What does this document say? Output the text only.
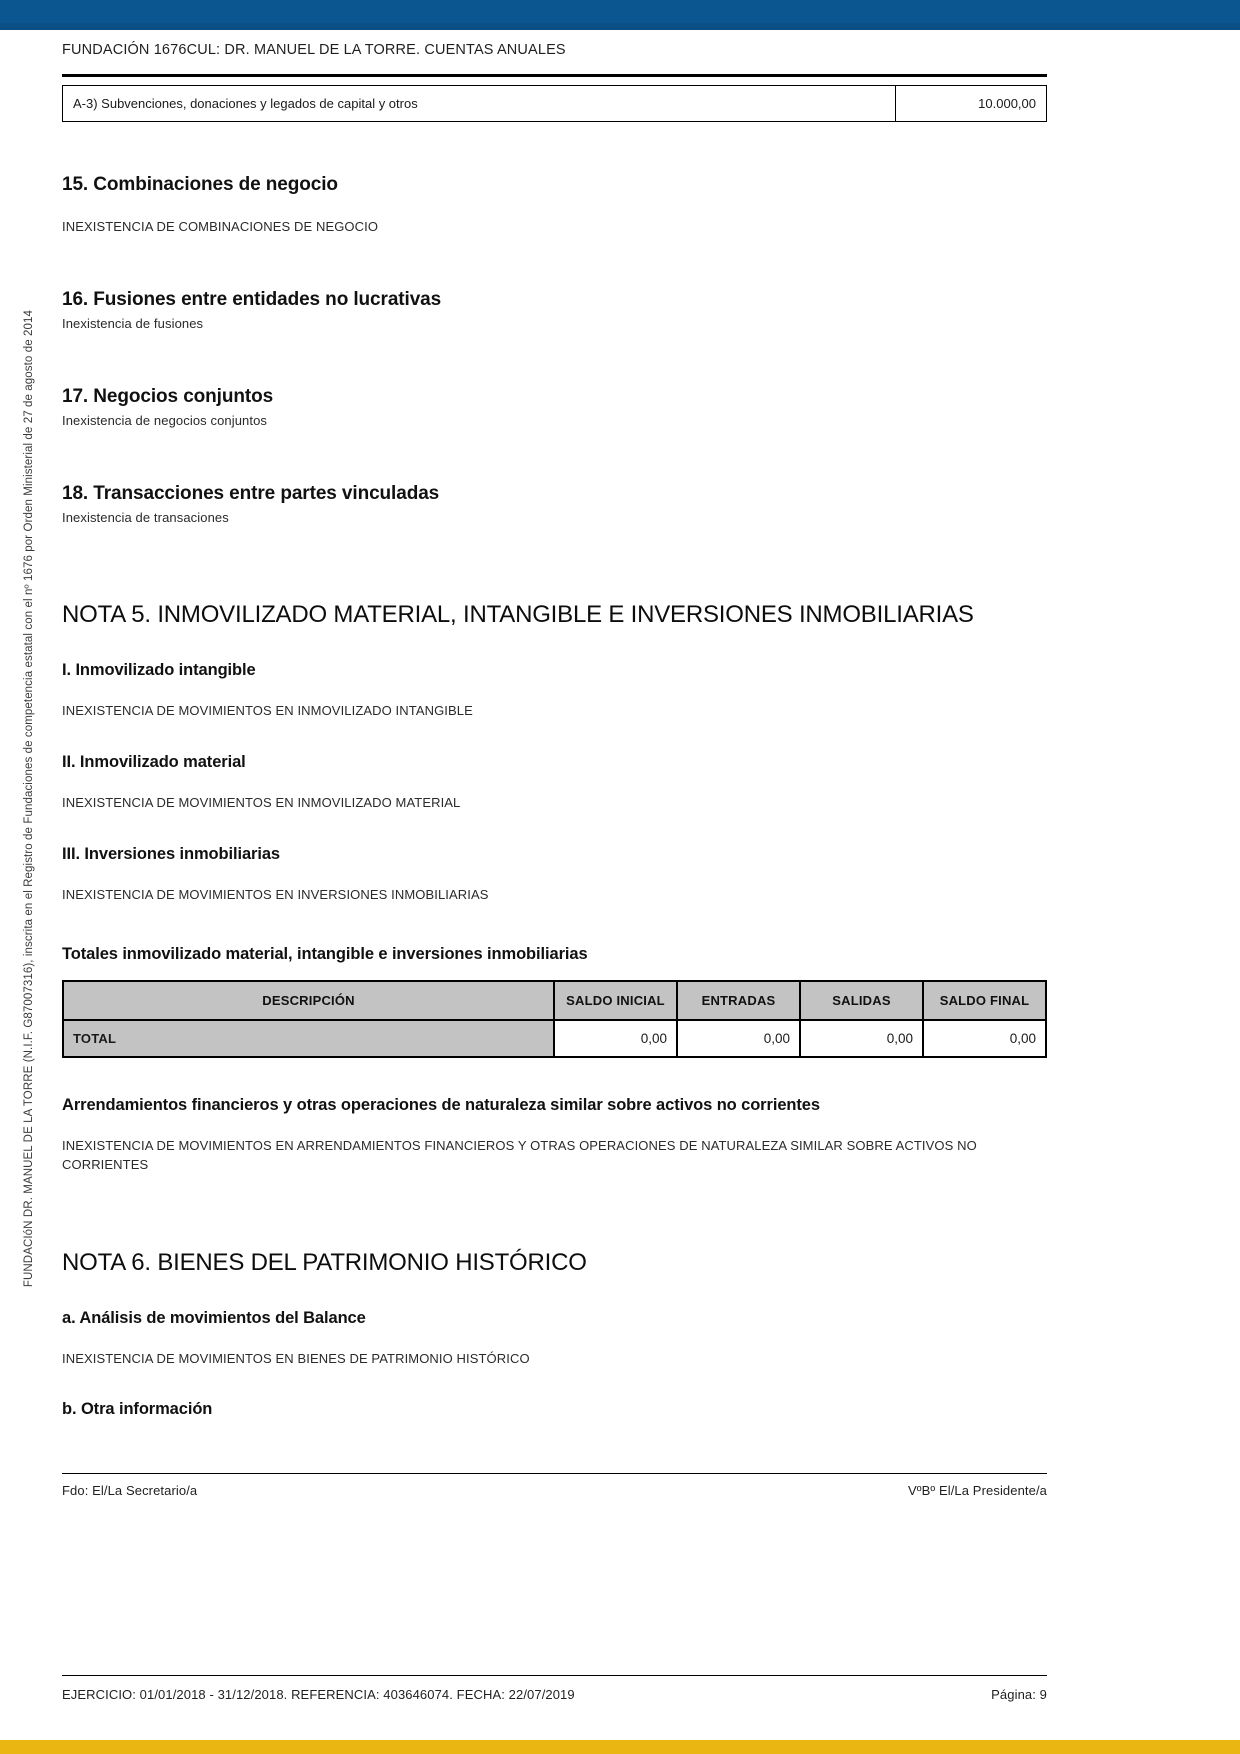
FUNDACIóN DR. MANUEL DE LA TORRE (N.I.F. G87007316), inscrita en el Registro de Fundaciones de competencia estatal con el nº 1676 por Orden Ministerial de 27 de agosto de 2014
FUNDACIÓN 1676CUL: DR. MANUEL DE LA TORRE. CUENTAS ANUALES
A-3) Subvenciones, donaciones y legados de capital y otros	10.000,00
15. Combinaciones de negocio

INEXISTENCIA DE COMBINACIONES DE NEGOCIO

16. Fusiones entre entidades no lucrativas

Inexistencia de fusiones

17. Negocios conjuntos

Inexistencia de negocios conjuntos

18. Transacciones entre partes vinculadas

Inexistencia de transaciones

NOTA 5. INMOVILIZADO MATERIAL, INTANGIBLE E INVERSIONES INMOBILIARIAS
I. Inmovilizado intangible

INEXISTENCIA DE MOVIMIENTOS EN INMOVILIZADO INTANGIBLE

II. Inmovilizado material

INEXISTENCIA DE MOVIMIENTOS EN INMOVILIZADO MATERIAL

III. Inversiones inmobiliarias

INEXISTENCIA DE MOVIMIENTOS EN INVERSIONES INMOBILIARIAS

Totales inmovilizado material, intangible e inversiones inmobiliarias
DESCRIPCIÓN	SALDO INICIAL	ENTRADAS	SALIDAS	SALDO FINAL
TOTAL	0,00	0,00	0,00	0,00
Arrendamientos financieros y otras operaciones de naturaleza similar sobre activos no corrientes

INEXISTENCIA DE MOVIMIENTOS EN ARRENDAMIENTOS FINANCIEROS Y OTRAS OPERACIONES DE NATURALEZA SIMILAR SOBRE ACTIVOS NO CORRIENTES

NOTA 6. BIENES DEL PATRIMONIO HISTÓRICO
a. Análisis de movimientos del Balance

INEXISTENCIA DE MOVIMIENTOS EN BIENES DE PATRIMONIO HISTÓRICO

b. Otra información
Fdo: El/La Secretario/a	VºBº El/La Presidente/a
EJERCICIO: 01/01/2018 - 31/12/2018. REFERENCIA: 403646074. FECHA: 22/07/2019	Página: 9
